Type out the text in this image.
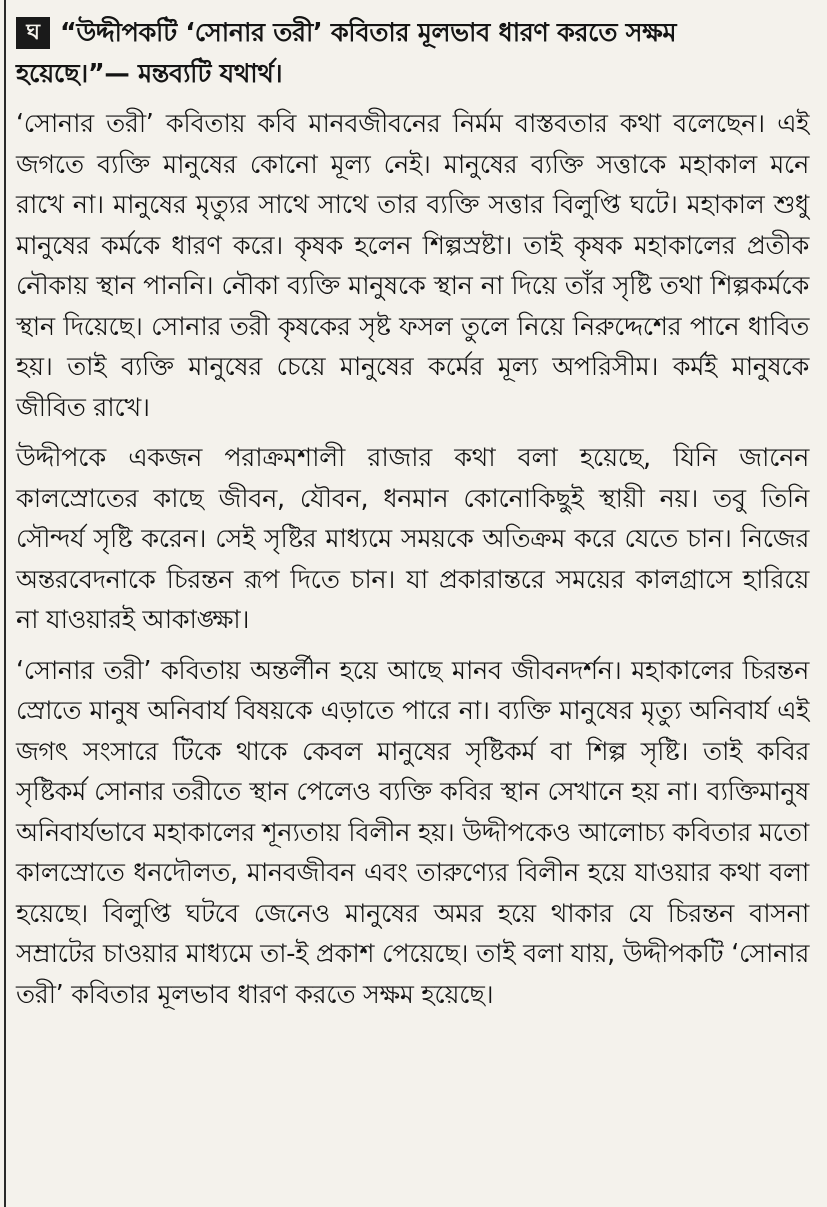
ঘ “উদ্দীপকটি ‘সোনার তরী’ কবিতার মূলভাব ধারণ করতে সক্ষম
হয়েছে।”— মন্তব্যটি যথার্থ।

‘সোনার তরী’ কবিতায় কবি মানবজীবনের নির্মম বাস্তবতার কথা বলেছেন। এই জগতে ব্যক্তি মানুষের কোনো মূল্য নেই। মানুষের ব্যক্তি সত্তাকে মহাকাল মনে রাখে না। মানুষের মৃত্যুর সাথে সাথে তার ব্যক্তি সত্তার বিলুপ্তি ঘটে। মহাকাল শুধু মানুষের কর্মকে ধারণ করে। কৃষক হলেন শিল্পস্রষ্টা। তাই কৃষক মহাকালের প্রতীক নৌকায় স্থান পাননি। নৌকা ব্যক্তি মানুষকে স্থান না দিয়ে তাঁর সৃষ্টি তথা শিল্পকর্মকে স্থান দিয়েছে। সোনার তরী কৃষকের সৃষ্ট ফসল তুলে নিয়ে নিরুদ্দেশের পানে ধাবিত হয়। তাই ব্যক্তি মানুষের চেয়ে মানুষের কর্মের মূল্য অপরিসীম। কর্মই মানুষকে জীবিত রাখে।

উদ্দীপকে একজন পরাক্রমশালী রাজার কথা বলা হয়েছে, যিনি জানেন কালস্রোতের কাছে জীবন, যৌবন, ধনমান কোনোকিছুই স্থায়ী নয়। তবু তিনি সৌন্দর্য সৃষ্টি করেন। সেই সৃষ্টির মাধ্যমে সময়কে অতিক্রম করে যেতে চান। নিজের অন্তরবেদনাকে চিরন্তন রূপ দিতে চান। যা প্রকারান্তরে সময়ের কালগ্রাসে হারিয়ে না যাওয়ারই আকাঙ্ক্ষা।

‘সোনার তরী’ কবিতায় অন্তর্লীন হয়ে আছে মানব জীবনদর্শন। মহাকালের চিরন্তন স্রোতে মানুষ অনিবার্য বিষয়কে এড়াতে পারে না। ব্যক্তি মানুষের মৃত্যু অনিবার্য এই জগৎ সংসারে টিকে থাকে কেবল মানুষের সৃষ্টিকর্ম বা শিল্প সৃষ্টি। তাই কবির সৃষ্টিকর্ম সোনার তরীতে স্থান পেলেও ব্যক্তি কবির স্থান সেখানে হয় না। ব্যক্তিমানুষ অনিবার্যভাবে মহাকালের শূন্যতায় বিলীন হয়। উদ্দীপকেও আলোচ্য কবিতার মতো কালস্রোতে ধনদৌলত, মানবজীবন এবং তারুণ্যের বিলীন হয়ে যাওয়ার কথা বলা হয়েছে। বিলুপ্তি ঘটবে জেনেও মানুষের অমর হয়ে থাকার যে চিরন্তন বাসনা সম্রাটের চাওয়ার মাধ্যমে তা-ই প্রকাশ পেয়েছে। তাই বলা যায়, উদ্দীপকটি ‘সোনার তরী’ কবিতার মূলভাব ধারণ করতে সক্ষম হয়েছে।
